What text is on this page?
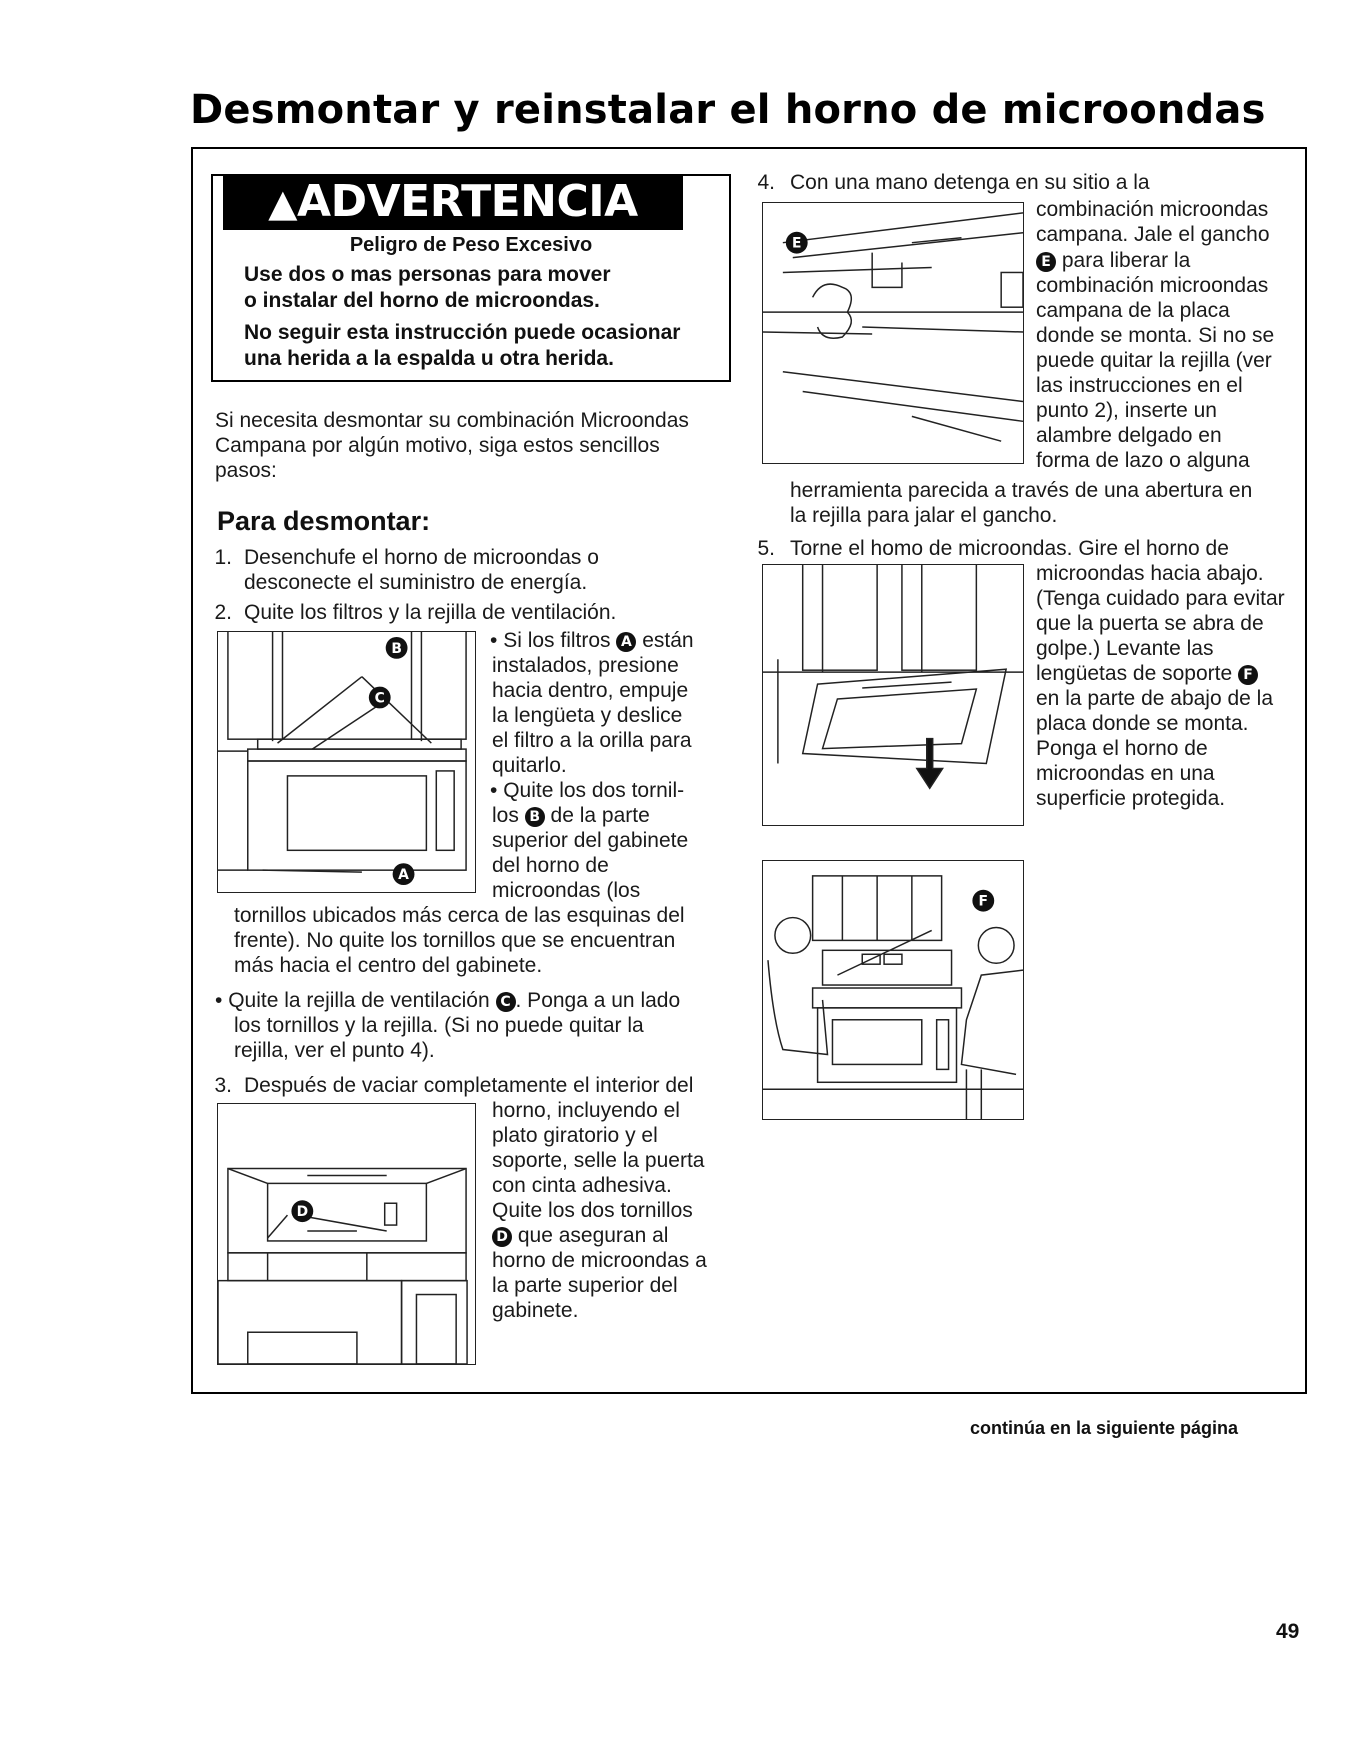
Desmontar y reinstalar el horno de microondas
▲ADVERTENCIA
Peligro de Peso Excesivo
Use dos o mas personas para mover
o instalar del horno de microondas.
No seguir esta instrucción puede ocasionar
una herida a la espalda u otra herida.
Si necesita desmontar su combinación Microondas
Campana por algún motivo, siga estos sencillos
pasos:
Para desmontar:
1. Desenchufe el horno de microondas o
desconecte el suministro de energía.
2. Quite los filtros y la rejilla de ventilación.
B
C
A
• Si los filtros A están
instalados, presione
hacia dentro, empuje
la lengüeta y deslice
el filtro a la orilla para
quitarlo.
• Quite los dos tornil-
los B de la parte
superior del gabinete
del horno de
microondas (los
tornillos ubicados más cerca de las esquinas del
frente). No quite los tornillos que se encuentran
más hacia el centro del gabinete.
• Quite la rejilla de ventilación C . Ponga a un lado
los tornillos y la rejilla. (Si no puede quitar la
rejilla, ver el punto 4).
3. Después de vaciar completamente el interior del
D
horno, incluyendo el
plato giratorio y el
soporte, selle la puerta
con cinta adhesiva.
Quite los dos tornillos
D que aseguran al
horno de microondas a
la parte superior del
gabinete.
4. Con una mano detenga en su sitio a la
E
combinación microondas
campana. Jale el gancho
E para liberar la
combinación microondas
campana de la placa
donde se monta. Si no se
puede quitar la rejilla (ver
las instrucciones en el
punto 2), inserte un
alambre delgado en
forma de lazo o alguna
herramienta parecida a través de una abertura en
la rejilla para jalar el gancho.
5. Torne el homo de microondas. Gire el horno de
microondas hacia abajo.
(Tenga cuidado para evitar
que la puerta se abra de
golpe.) Levante las
lengüetas de soporte F
en la parte de abajo de la
placa donde se monta.
Ponga el horno de
microondas en una
superficie protegida.
F
continúa en la siguiente página
49
